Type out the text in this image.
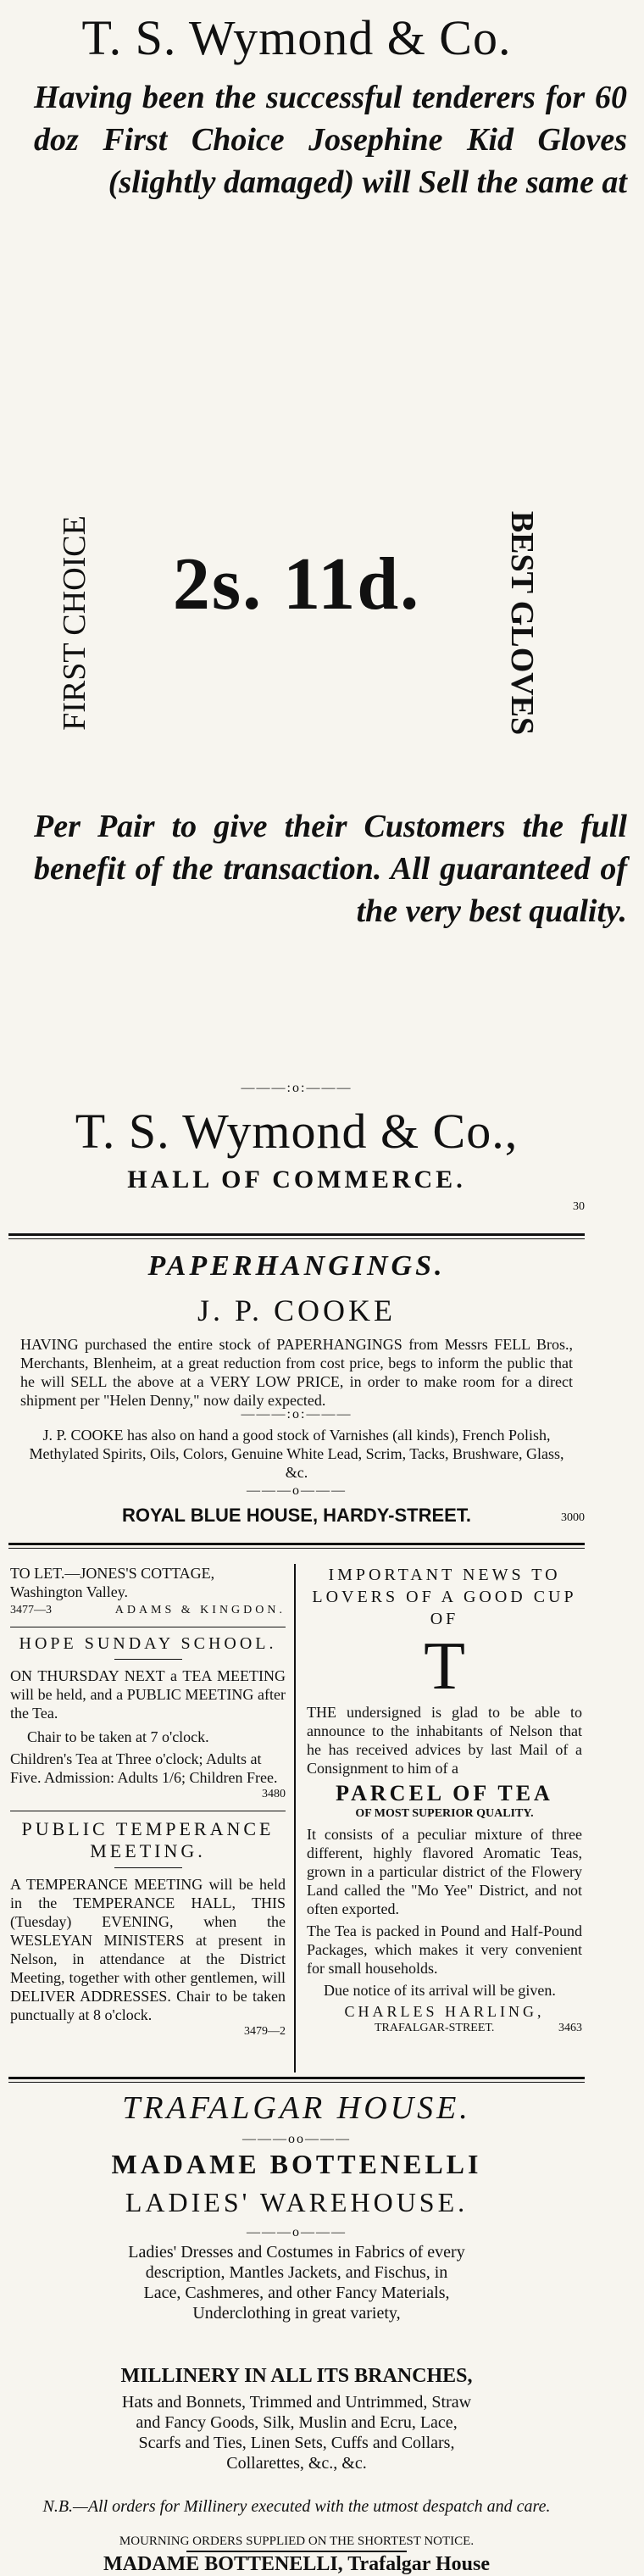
T. S. Wymond & Co.
Having been the successful tenderers for 60 doz First Choice Josephine Kid Gloves (slightly damaged) will Sell the same at
FIRST CHOICE	BEST GLOVES
2s. 11d.
Per Pair to give their Customers the full benefit of the transaction. All guaranteed of the very best quality.
———:o:———
T. S. Wymond & Co.,
HALL OF COMMERCE.
30
PAPERHANGINGS.
J. P. COOKE
HAVING purchased the entire stock of PAPERHANGINGS from Messrs FELL Bros., Merchants, Blenheim, at a great reduction from cost price, begs to inform the public that he will SELL the above at a VERY LOW PRICE, in order to make room for a direct shipment per "Helen Denny," now daily expected.
———:o:———
J. P. COOKE has also on hand a good stock of Varnishes (all kinds), French Polish, Methylated Spirits, Oils, Colors, Genuine White Lead, Scrim, Tacks, Brushware, Glass, &c.
———o———
ROYAL BLUE HOUSE, HARDY-STREET.	3000

TO LET.—JONES'S COTTAGE, Washington Valley.

3477—3	ADAMS & KINGDON.

HOPE SUNDAY SCHOOL.

ON THURSDAY NEXT a TEA MEETING will be held, and a PUBLIC MEETING after the Tea.

Chair to be taken at 7 o'clock.

Children's Tea at Three o'clock; Adults at Five. Admission: Adults 1/6; Children Free.

3480

PUBLIC TEMPERANCE MEETING.

A TEMPERANCE MEETING will be held in the TEMPERANCE HALL, THIS (Tuesday) EVENING, when the WESLEYAN MINISTERS at present in Nelson, in attendance at the District Meeting, together with other gentlemen, will DELIVER ADDRESSES. Chair to be taken punctually at 8 o'clock.

3479—2

IMPORTANT NEWS TO LOVERS OF A GOOD CUP OF

T

THE undersigned is glad to be able to announce to the inhabitants of Nelson that he has received advices by last Mail of a Consignment to him of a

PARCEL OF TEA

OF MOST SUPERIOR QUALITY.

It consists of a peculiar mixture of three different, highly flavored Aromatic Teas, grown in a particular district of the Flowery Land called the "Mo Yee" District, and not often exported.

The Tea is packed in Pound and Half-Pound Packages, which makes it very convenient for small households.

Due notice of its arrival will be given.

CHARLES HARLING,

TRAFALGAR-STREET.	3463
TRAFALGAR HOUSE.
———oo———
MADAME BOTTENELLI
LADIES' WAREHOUSE.
———o———
Ladies' Dresses and Costumes in Fabrics of every description, Mantles Jackets, and Fischus, in Lace, Cashmeres, and other Fancy Materials, Underclothing in great variety,
MILLINERY IN ALL ITS BRANCHES,
Hats and Bonnets, Trimmed and Untrimmed, Straw and Fancy Goods, Silk, Muslin and Ecru, Lace, Scarfs and Ties, Linen Sets, Cuffs and Collars, Collarettes, &c., &c.
N.B.—All orders for Millinery executed with the utmost despatch and care.
MOURNING ORDERS SUPPLIED ON THE SHORTEST NOTICE.
MADAME BOTTENELLI, Trafalgar House
